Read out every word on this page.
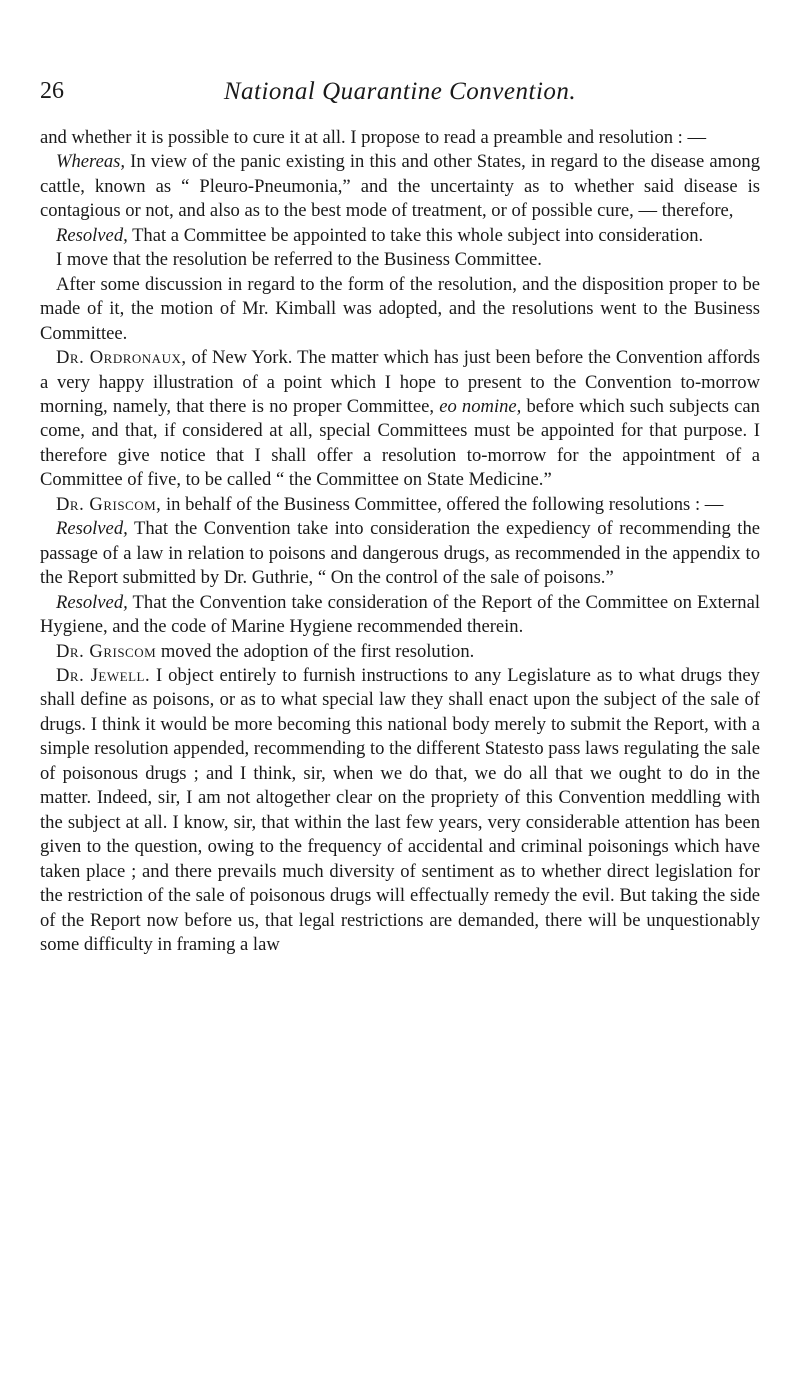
26	National Quarantine Convention.

and whether it is possible to cure it at all. I propose to read a preamble and resolution : —

Whereas, In view of the panic existing in this and other States, in regard to the disease among cattle, known as “ Pleuro-Pneumonia,” and the uncertainty as to whether said disease is contagious or not, and also as to the best mode of treatment, or of possible cure, — therefore,

Resolved, That a Committee be appointed to take this whole subject into consideration.

I move that the resolution be referred to the Business Committee.

After some discussion in regard to the form of the resolution, and the disposition proper to be made of it, the motion of Mr. Kimball was adopted, and the resolutions went to the Business Committee.

Dr. Ordronaux, of New York. The matter which has just been before the Convention affords a very happy illustration of a point which I hope to present to the Convention to-morrow morning, namely, that there is no proper Committee, eo nomine, before which such subjects can come, and that, if considered at all, special Committees must be appointed for that purpose. I therefore give notice that I shall offer a resolution to-morrow for the appointment of a Committee of five, to be called “ the Committee on State Medicine.”

Dr. Griscom, in behalf of the Business Committee, offered the following resolutions : —

Resolved, That the Convention take into consideration the expediency of recommending the passage of a law in relation to poisons and dangerous drugs, as recommended in the appendix to the Report submitted by Dr. Guthrie, “ On the control of the sale of poisons.”

Resolved, That the Convention take consideration of the Report of the Committee on External Hygiene, and the code of Marine Hygiene recommended therein.

Dr. Griscom moved the adoption of the first resolution.

Dr. Jewell. I object entirely to furnish instructions to any Legislature as to what drugs they shall define as poisons, or as to what special law they shall enact upon the subject of the sale of drugs. I think it would be more becoming this national body merely to submit the Report, with a simple resolution appended, recommending to the different Statesto pass laws regulating the sale of poisonous drugs ; and I think, sir, when we do that, we do all that we ought to do in the matter. Indeed, sir, I am not altogether clear on the propriety of this Convention meddling with the subject at all. I know, sir, that within the last few years, very considerable attention has been given to the question, owing to the frequency of accidental and criminal poisonings which have taken place ; and there prevails much diversity of sentiment as to whether direct legislation for the restriction of the sale of poisonous drugs will effectually remedy the evil. But taking the side of the Report now before us, that legal restrictions are demanded, there will be unquestionably some difficulty in framing a law
